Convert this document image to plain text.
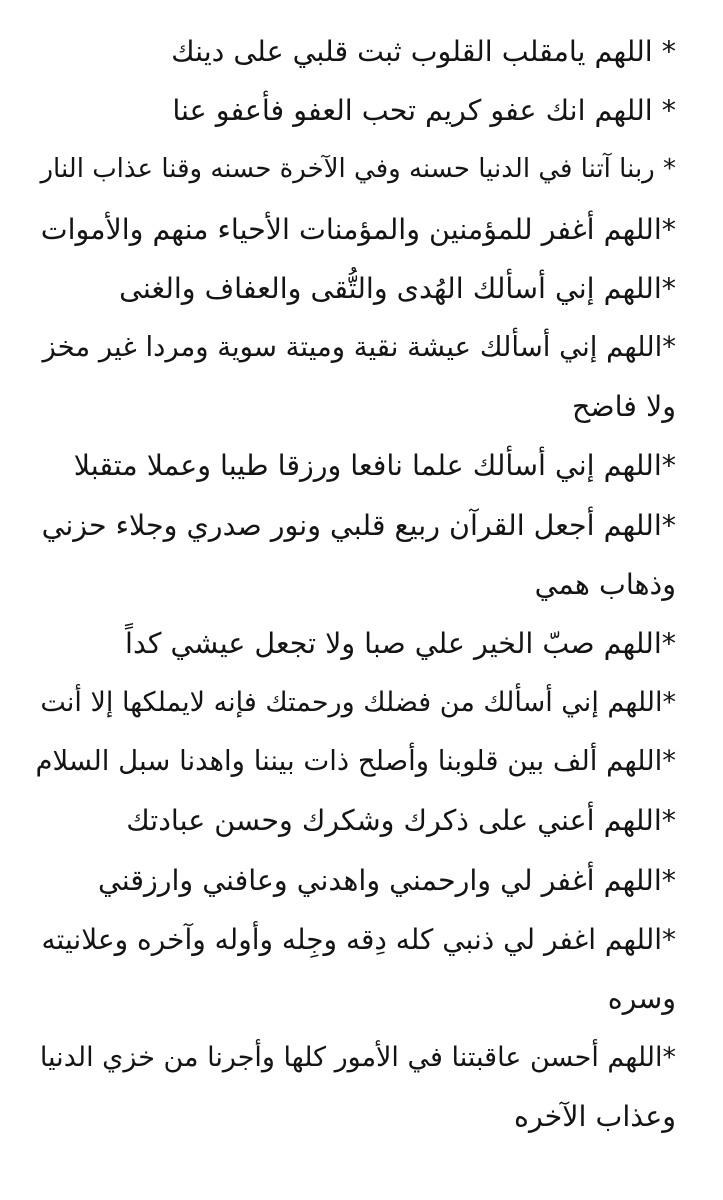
* اللهم يامقلب القلوب ثبت قلبي على دينك
* اللهم انك عفو كريم تحب العفو فأعفو عنا
* ربنا آتنا في الدنيا حسنه وفي الآخرة حسنه وقنا عذاب النار
*اللهم أغفر للمؤمنين والمؤمنات الأحياء منهم والأموات
*اللهم إني أسألك الهُدى والتُّقى والعفاف والغنى
*اللهم إني أسألك عيشة نقية وميتة سوية ومردا غير مخز
ولا فاضح
*اللهم إني أسألك علما نافعا ورزقا طيبا وعملا متقبلا
*اللهم أجعل القرآن ربيع قلبي ونور صدري وجلاء حزني
وذهاب همي
*اللهم صبّ الخير علي صبا ولا تجعل عيشي كداً
*اللهم إني أسألك من فضلك ورحمتك فإنه لايملكها إلا أنت
*اللهم ألف بين قلوبنا وأصلح ذات بيننا واهدنا سبل السلام
*اللهم أعني على ذكرك وشكرك وحسن عبادتك
*اللهم أغفر لي وارحمني واهدني وعافني وارزقني
*اللهم اغفر لي ذنبي كله دِقه وجِله وأوله وآخره وعلانيته
وسره
*اللهم أحسن عاقبتنا في الأمور كلها وأجرنا من خزي الدنيا
وعذاب الآخره
